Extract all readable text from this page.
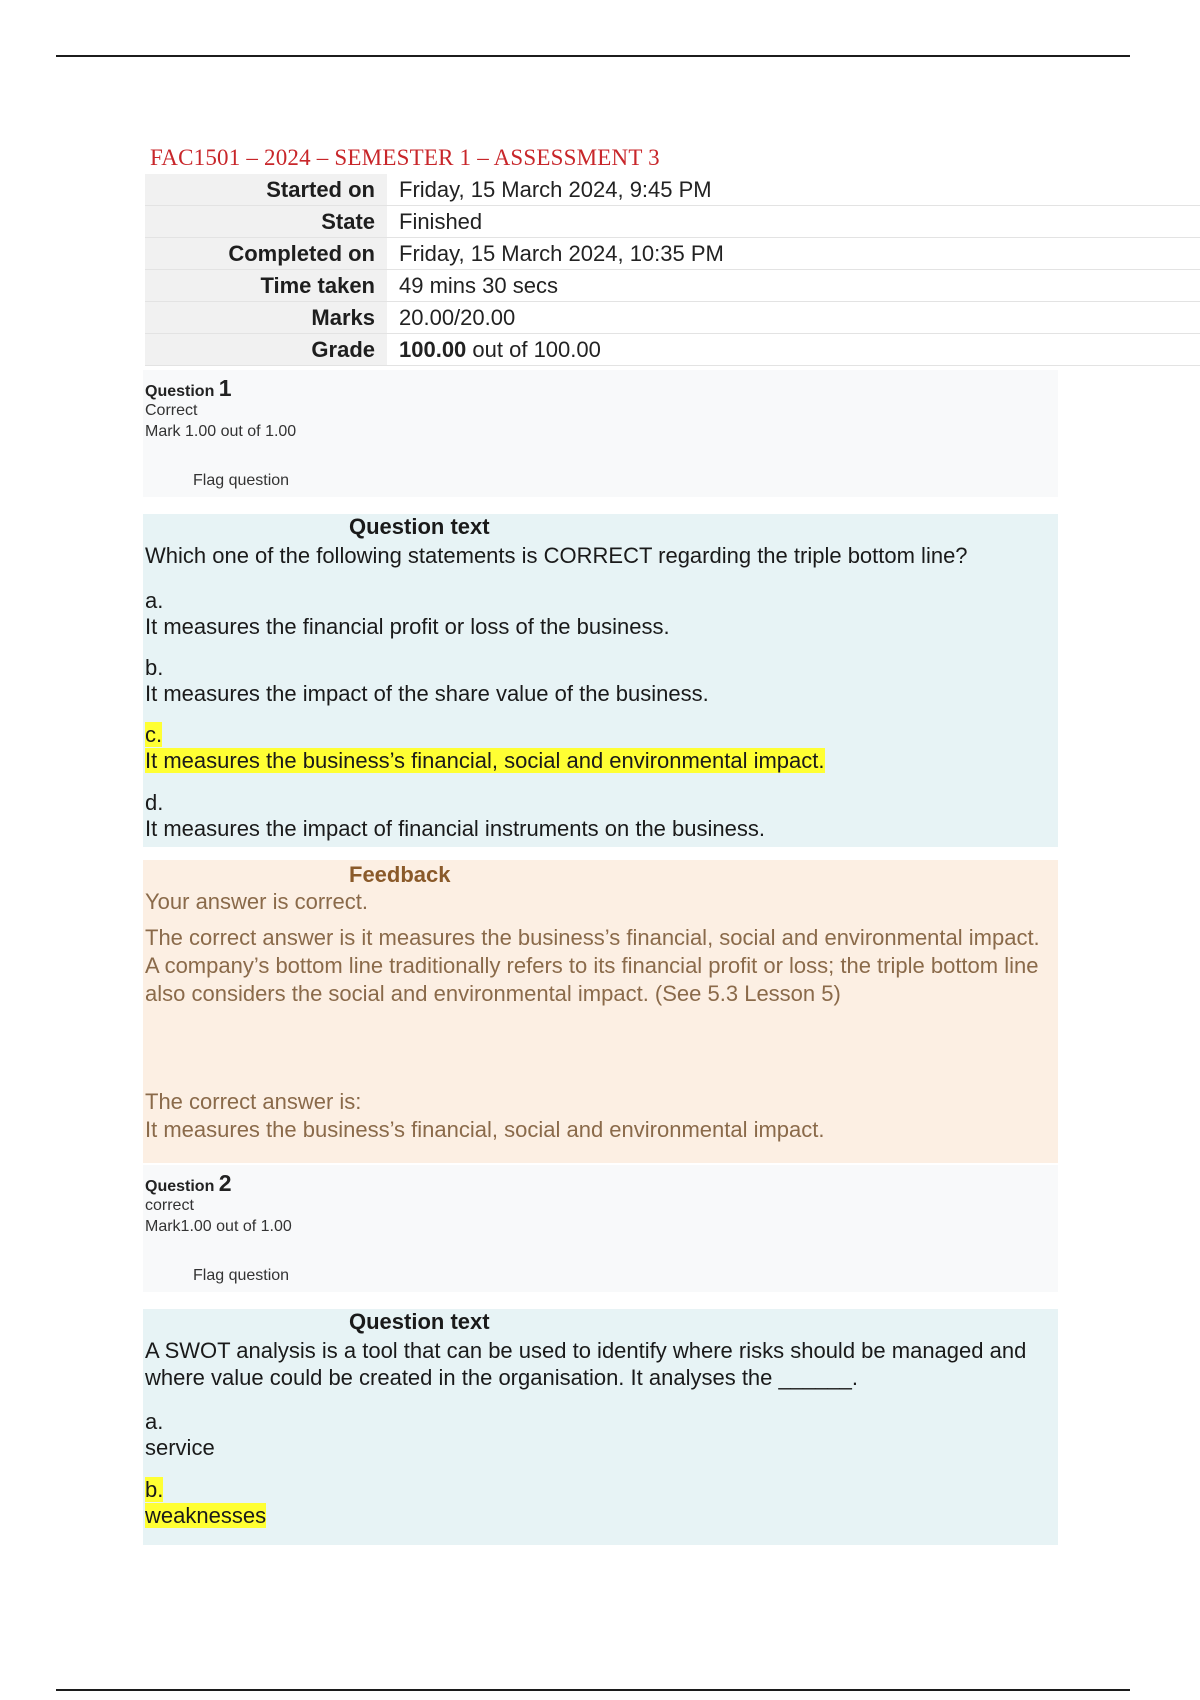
FAC1501 – 2024 – SEMESTER 1 – ASSESSMENT 3
Started on	Friday, 15 March 2024, 9:45 PM
State	Finished
Completed on	Friday, 15 March 2024, 10:35 PM
Time taken	49 mins 30 secs
Marks	20.00/20.00
Grade	100.00 out of 100.00
Question 1
Correct
Mark 1.00 out of 1.00
Flag question
Question text
Which one of the following statements is CORRECT regarding the triple bottom line?
a.
It measures the financial profit or loss of the business.
b.
It measures the impact of the share value of the business.
c.
It measures the business’s financial, social and environmental impact.
d.
It measures the impact of financial instruments on the business.
Feedback

Your answer is correct.

The correct answer is it measures the business’s financial, social and environmental impact. A company’s bottom line traditionally refers to its financial profit or loss; the triple bottom line also considers the social and environmental impact. (See 5.3 Lesson 5)

The correct answer is:

It measures the business’s financial, social and environmental impact.

Question 2
correct
Mark1.00 out of 1.00
Flag question
Question text
A SWOT analysis is a tool that can be used to identify where risks should be managed and where value could be created in the organisation. It analyses the ______.
a.
service
b.
weaknesses
